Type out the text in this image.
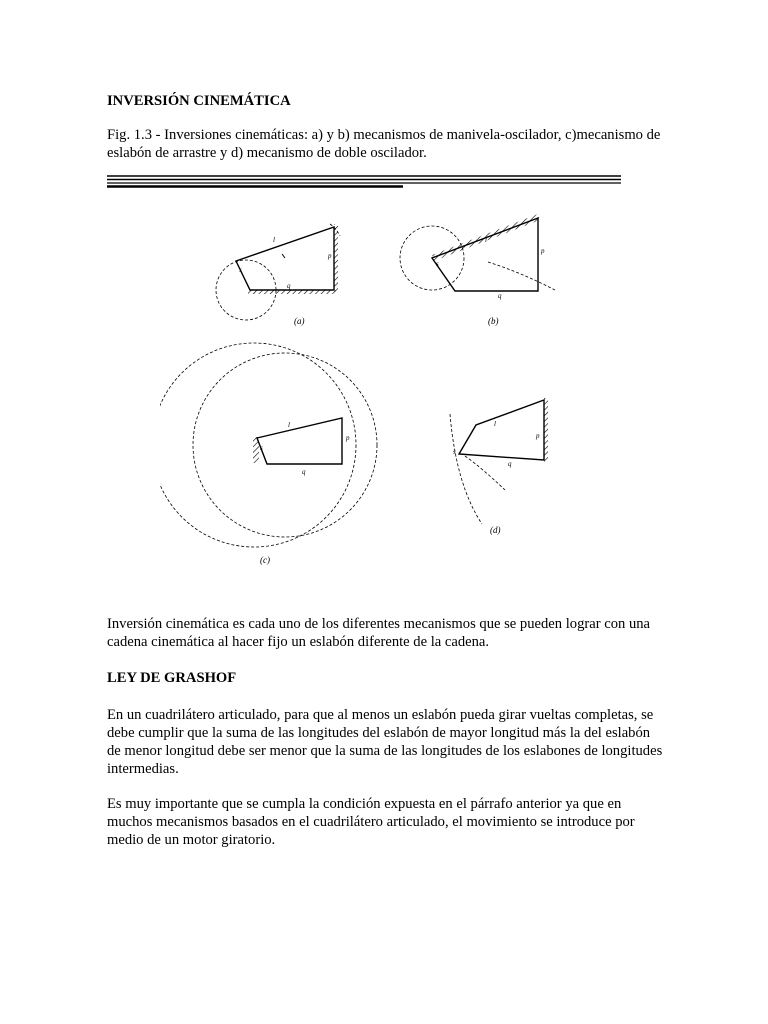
INVERSIÓN CINEMÁTICA

Fig. 1.3 - Inversiones cinemáticas: a) y b) mecanismos de manivela-oscilador, c)mecanismo de eslabón de arrastre y d) mecanismo de doble oscilador.

l
p
s
q
(a)
l
p
s
q
(b)
l
p
s
q
(c)
l
p
s
q
(d)

Inversión cinemática es cada uno de los diferentes mecanismos que se pueden lograr con una cadena cinemática al hacer fijo un eslabón diferente de la cadena.

LEY DE GRASHOF

En un cuadrilátero articulado, para que al menos un eslabón pueda girar vueltas completas, se debe cumplir que la suma de las longitudes del eslabón de mayor longitud más la del eslabón de menor longitud debe ser menor que la suma de las longitudes de los eslabones de longitudes intermedias.

Es muy importante que se cumpla la condición expuesta en el párrafo anterior ya que en muchos mecanismos basados en el cuadrilátero articulado, el movimiento se introduce por medio de un motor giratorio.
